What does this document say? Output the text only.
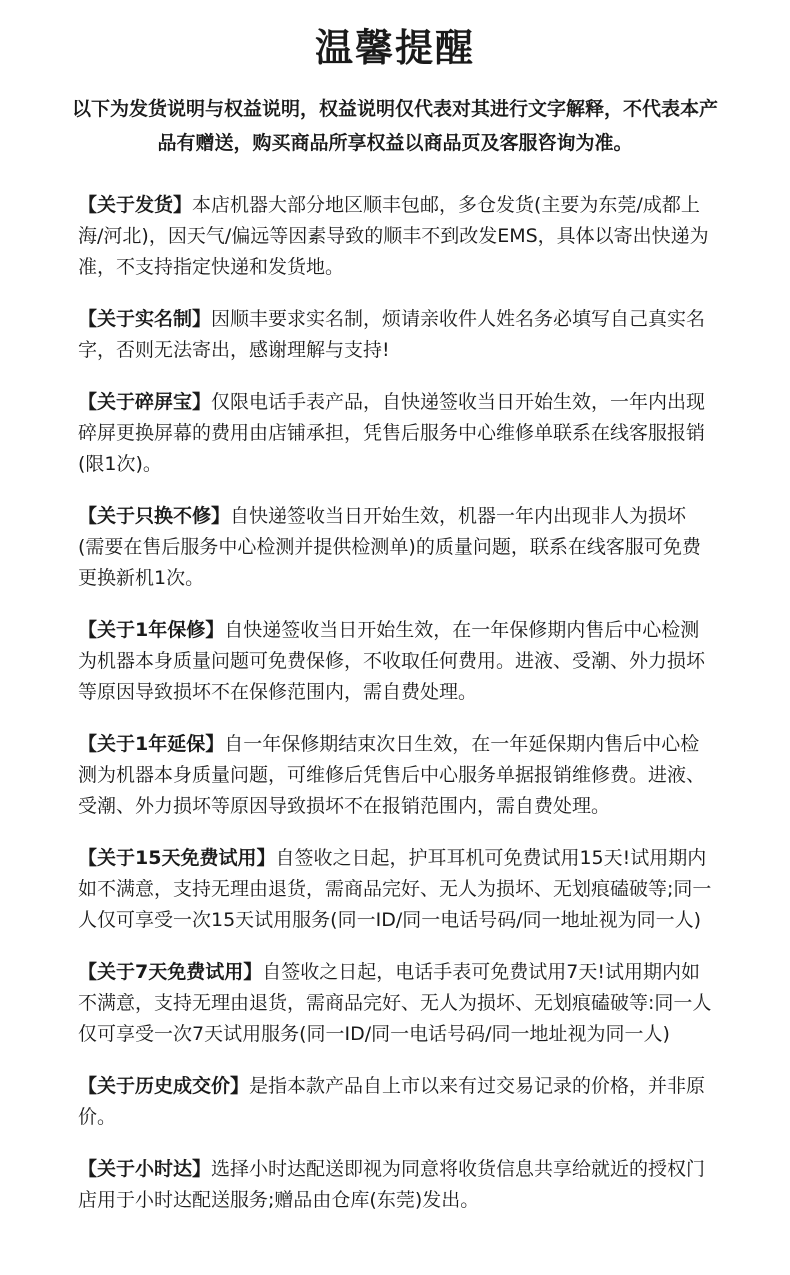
温馨提醒
以下为发货说明与权益说明，权益说明仅代表对其进行文字解释，不代表本产品有赠送，购买商品所享权益以商品页及客服咨询为准。

【关于发货】本店机器大部分地区顺丰包邮，多仓发货(主要为东莞/成都上海/河北)，因天气/偏远等因素导致的顺丰不到改发EMS，具体以寄出快递为准，不支持指定快递和发货地。

【关于实名制】因顺丰要求实名制，烦请亲收件人姓名务必填写自己真实名字，否则无法寄出，感谢理解与支持!

【关于碎屏宝】仅限电话手表产品，自快递签收当日开始生效，一年内出现碎屏更换屏幕的费用由店铺承担，凭售后服务中心维修单联系在线客服报销(限1次)。

【关于只换不修】自快递签收当日开始生效，机器一年内出现非人为损坏(需要在售后服务中心检测并提供检测单)的质量问题，联系在线客服可免费更换新机1次。

【关于1年保修】自快递签收当日开始生效，在一年保修期内售后中心检测为机器本身质量问题可免费保修，不收取任何费用。进液、受潮、外力损坏等原因导致损坏不在保修范围内，需自费处理。

【关于1年延保】自一年保修期结束次日生效，在一年延保期内售后中心检测为机器本身质量问题，可维修后凭售后中心服务单据报销维修费。进液、受潮、外力损坏等原因导致损坏不在报销范围内，需自费处理。

【关于15天免费试用】自签收之日起，护耳耳机可免费试用15天!试用期内如不满意，支持无理由退货，需商品完好、无人为损坏、无划痕磕破等;同一人仅可享受一次15天试用服务(同一ID/同一电话号码/同一地址视为同一人)

【关于7天免费试用】自签收之日起，电话手表可免费试用7天!试用期内如不满意，支持无理由退货，需商品完好、无人为损坏、无划痕磕破等:同一人仅可享受一次7天试用服务(同一ID/同一电话号码/同一地址视为同一人)

【关于历史成交价】是指本款产品自上市以来有过交易记录的价格，并非原价。

【关于小时达】选择小时达配送即视为同意将收货信息共享给就近的授权门店用于小时达配送服务;赠品由仓库(东莞)发出。
